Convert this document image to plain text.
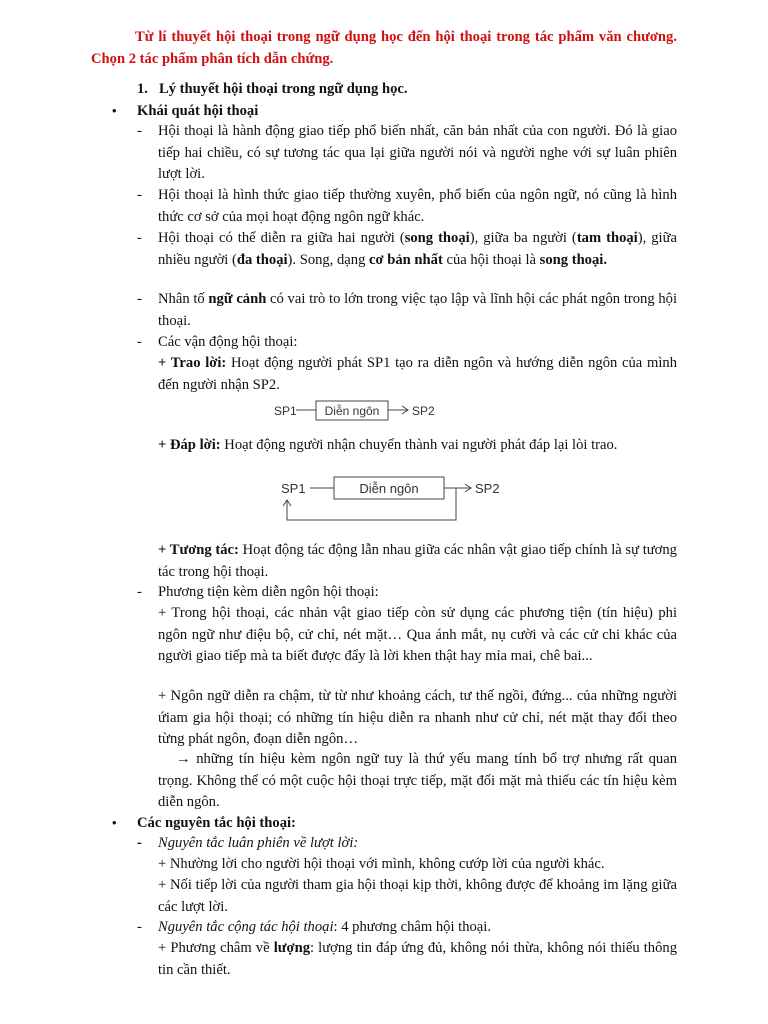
Từ lí thuyết hội thoại trong ngữ dụng học đến hội thoại trong tác phẩm văn chương. Chọn 2 tác phẩm phân tích dẫn chứng.
1. Lý thuyết hội thoại trong ngữ dụng học.
• Khái quát hội thoại
- Hội thoại là hành động giao tiếp phổ biến nhất, căn bản nhất của con người. Đó là giao tiếp hai chiều, có sự tương tác qua lại giữa người nói và người nghe với sự luân phiên lượt lời.
- Hội thoại là hình thức giao tiếp thường xuyên, phổ biến của ngôn ngữ, nó cũng là hình thức cơ sở của mọi hoạt động ngôn ngữ khác.
- Hội thoại có thể diễn ra giữa hai người (song thoại), giữa ba người (tam thoại), giữa nhiều người (đa thoại). Song, dạng cơ bản nhất của hội thoại là song thoại.
- Nhân tố ngữ cảnh có vai trò to lớn trong việc tạo lập và lĩnh hội các phát ngôn trong hội thoại.
- Các vận động hội thoại:
+ Trao lời: Hoạt động người phát SP1 tạo ra diễn ngôn và hướng diễn ngôn của mình đến người nhận SP2.
SP1 Diễn ngôn	SP2
+ Đáp lời: Hoạt động người nhận chuyển thành vai người phát đáp lại lòi trao.
SP1	Diễn ngôn	SP2
+ Tương tác: Hoạt động tác động lẫn nhau giữa các nhân vật giao tiếp chính là sự tương tác trong hội thoại.
- Phương tiện kèm diễn ngôn hội thoại:
+ Trong hội thoại, các nhản vật giao tiếp còn sử dụng các phương tiện (tín hiệu) phi ngôn ngữ như điệu bộ, cử chỉ, nét mặt… Qua ánh mắt, nụ cười và các cử chi khác của người giao tiếp mà ta biết được đẩy là lời khen thật hay mỉa mai, chê bai...
+ Ngôn ngữ diễn ra chậm, từ từ như khoảng cách, tư thế ngồi, đứng... của những người ứiam gia hội thoại; có những tín hiệu diễn ra nhanh như cử chỉ, nét mặt thay đổi theo từng phát ngôn, đoạn diễn ngôn…
→ những tín hiệu kèm ngôn ngữ tuy là thứ yếu mang tính bổ trợ nhưng rất quan trọng. Không thể có một cuộc hội thoại trực tiếp, mặt đối mặt mà thiếu các tín hiệu kèm diễn ngôn.
• Các nguyên tắc hội thoại:
- Nguyên tắc luân phiên về lượt lời:
+ Nhường lời cho người hội thoại với mình, không cướp lời của người khác.
+ Nối tiếp lời của người tham gia hội thoại kịp thời, không được để khoảng im lặng giữa các lượt lời.
- Nguyên tắc cộng tác hội thoại: 4 phương châm hội thoại.
+ Phương châm về lượng: lượng tin đáp ứng đủ, không nói thừa, không nói thiếu thông tin cần thiết.
